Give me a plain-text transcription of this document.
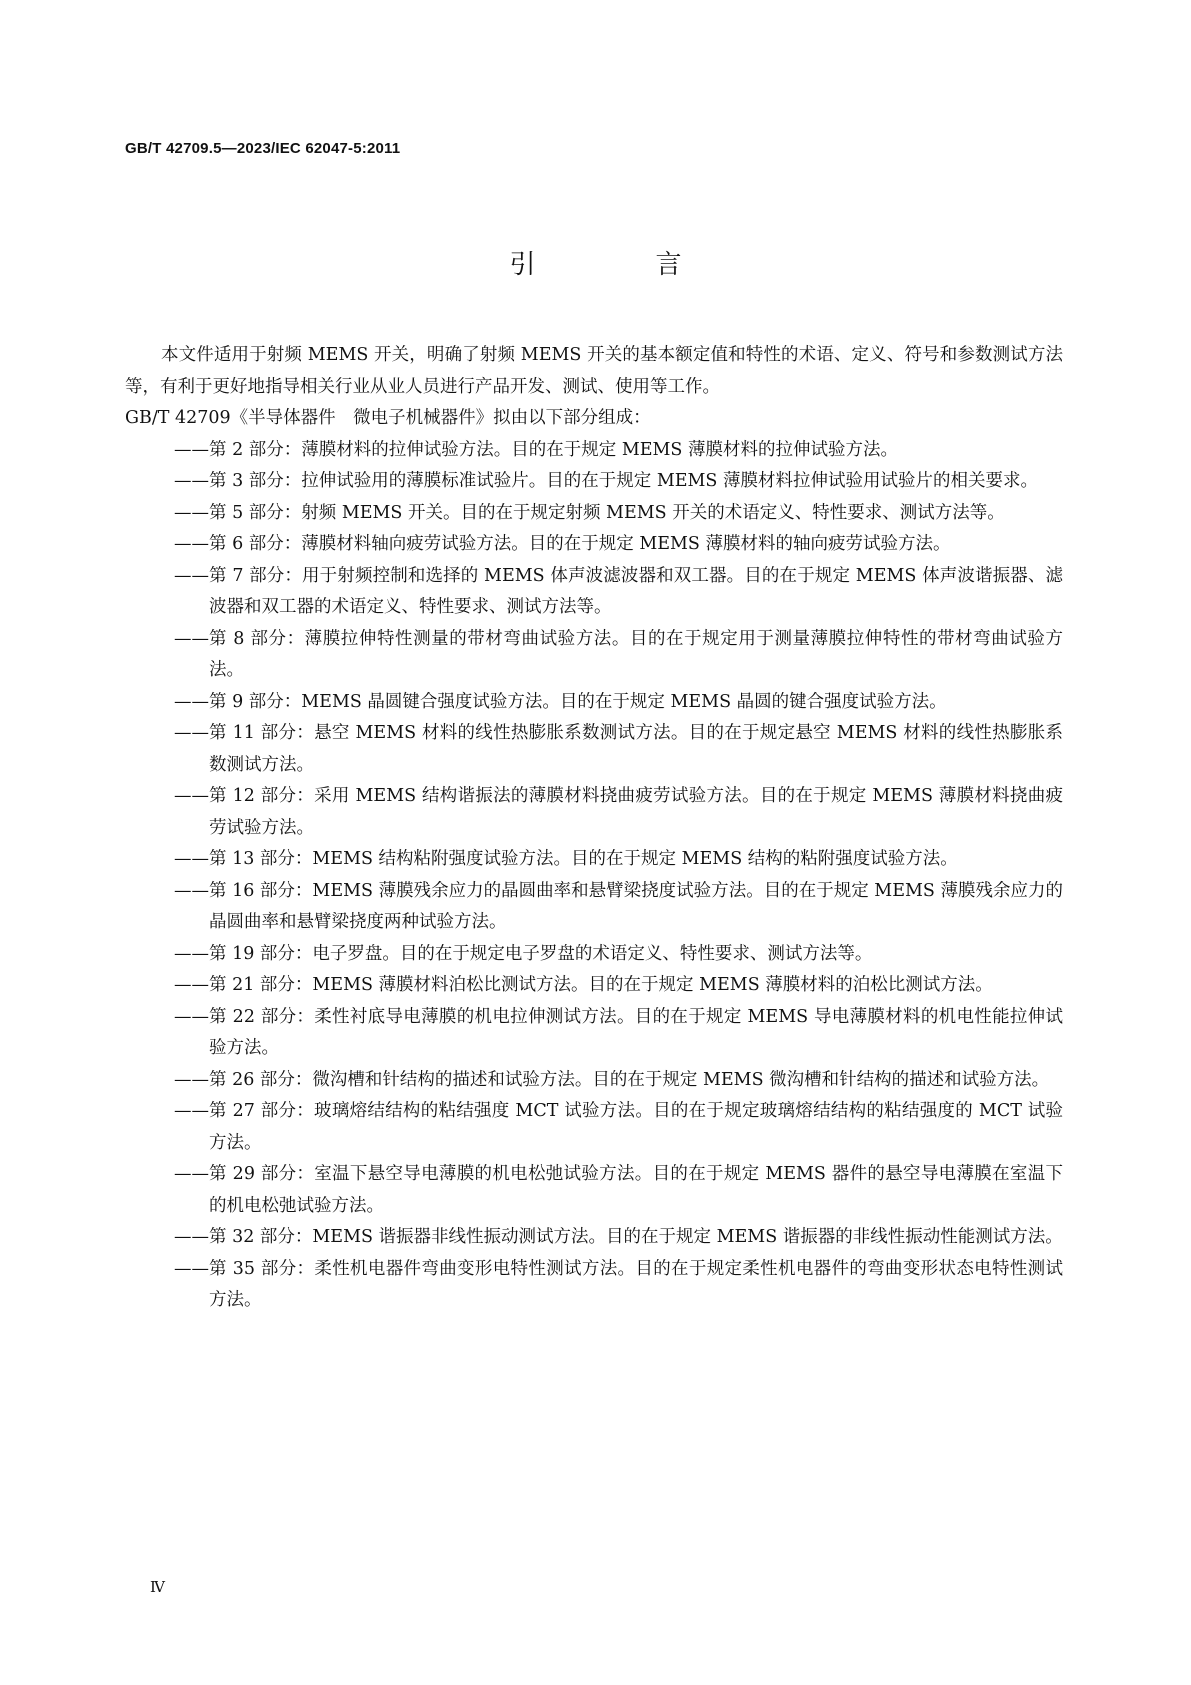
GB/T 42709.5—2023/IEC 62047-5:2011
引 言

本文件适用于射频 MEMS 开关，明确了射频 MEMS 开关的基本额定值和特性的术语、定义、符号和参数测试方法等，有利于更好地指导相关行业从业人员进行产品开发、测试、使用等工作。

GB/T 42709《半导体器件　微电子机械器件》拟由以下部分组成：

—— 第 2 部分：薄膜材料的拉伸试验方法。目的在于规定 MEMS 薄膜材料的拉伸试验方法。
—— 第 3 部分：拉伸试验用的薄膜标准试验片。目的在于规定 MEMS 薄膜材料拉伸试验用试验片的相关要求。
—— 第 5 部分：射频 MEMS 开关。目的在于规定射频 MEMS 开关的术语定义、特性要求、测试方法等。
—— 第 6 部分：薄膜材料轴向疲劳试验方法。目的在于规定 MEMS 薄膜材料的轴向疲劳试验方法。
—— 第 7 部分：用于射频控制和选择的 MEMS 体声波滤波器和双工器。目的在于规定 MEMS 体声波谐振器、滤波器和双工器的术语定义、特性要求、测试方法等。
—— 第 8 部分：薄膜拉伸特性测量的带材弯曲试验方法。目的在于规定用于测量薄膜拉伸特性的带材弯曲试验方法。
—— 第 9 部分：MEMS 晶圆键合强度试验方法。目的在于规定 MEMS 晶圆的键合强度试验方法。
—— 第 11 部分：悬空 MEMS 材料的线性热膨胀系数测试方法。目的在于规定悬空 MEMS 材料的线性热膨胀系数测试方法。
—— 第 12 部分：采用 MEMS 结构谐振法的薄膜材料挠曲疲劳试验方法。目的在于规定 MEMS 薄膜材料挠曲疲劳试验方法。
—— 第 13 部分：MEMS 结构粘附强度试验方法。目的在于规定 MEMS 结构的粘附强度试验方法。
—— 第 16 部分：MEMS 薄膜残余应力的晶圆曲率和悬臂梁挠度试验方法。目的在于规定 MEMS 薄膜残余应力的晶圆曲率和悬臂梁挠度两种试验方法。
—— 第 19 部分：电子罗盘。目的在于规定电子罗盘的术语定义、特性要求、测试方法等。
—— 第 21 部分：MEMS 薄膜材料泊松比测试方法。目的在于规定 MEMS 薄膜材料的泊松比测试方法。
—— 第 22 部分：柔性衬底导电薄膜的机电拉伸测试方法。目的在于规定 MEMS 导电薄膜材料的机电性能拉伸试验方法。
—— 第 26 部分：微沟槽和针结构的描述和试验方法。目的在于规定 MEMS 微沟槽和针结构的描述和试验方法。
—— 第 27 部分：玻璃熔结结构的粘结强度 MCT 试验方法。目的在于规定玻璃熔结结构的粘结强度的 MCT 试验方法。
—— 第 29 部分：室温下悬空导电薄膜的机电松弛试验方法。目的在于规定 MEMS 器件的悬空导电薄膜在室温下的机电松弛试验方法。
—— 第 32 部分：MEMS 谐振器非线性振动测试方法。目的在于规定 MEMS 谐振器的非线性振动性能测试方法。
—— 第 35 部分：柔性机电器件弯曲变形电特性测试方法。目的在于规定柔性机电器件的弯曲变形状态电特性测试方法。
Ⅳ
